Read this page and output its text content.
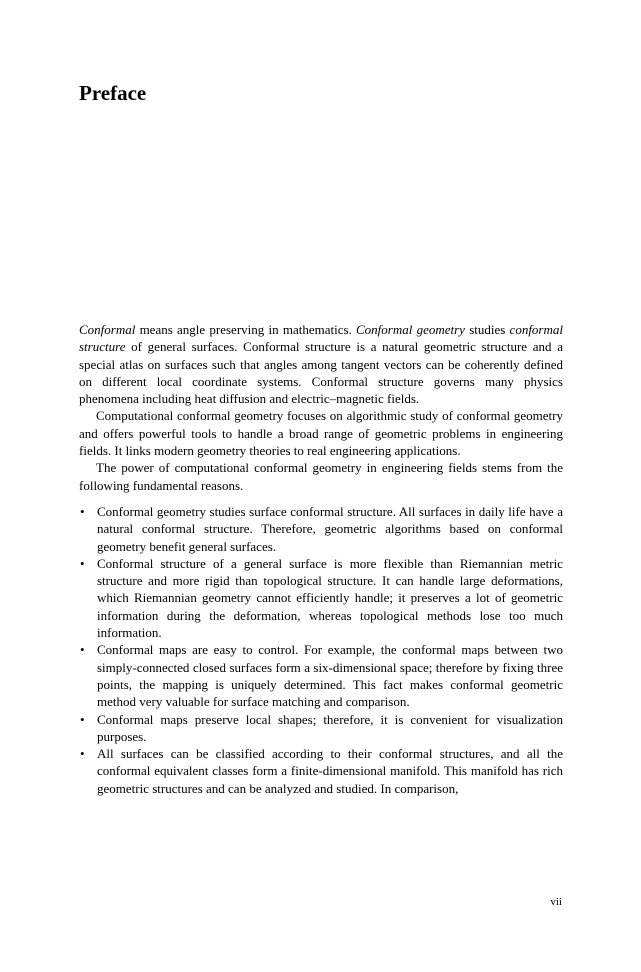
Preface

Conformal means angle preserving in mathematics. Conformal geometry studies conformal structure of general surfaces. Conformal structure is a natural geometric structure and a special atlas on surfaces such that angles among tangent vectors can be coherently defined on different local coordinate systems. Conformal structure governs many physics phenomena including heat diffusion and electric–magnetic fields.

Computational conformal geometry focuses on algorithmic study of conformal geometry and offers powerful tools to handle a broad range of geometric problems in engineering fields. It links modern geometry theories to real engineering applications.

The power of computational conformal geometry in engineering fields stems from the following fundamental reasons.

• Conformal geometry studies surface conformal structure. All surfaces in daily life have a natural conformal structure. Therefore, geometric algorithms based on conformal geometry benefit general surfaces.
• Conformal structure of a general surface is more flexible than Riemannian metric structure and more rigid than topological structure. It can handle large deformations, which Riemannian geometry cannot efficiently handle; it preserves a lot of geometric information during the deformation, whereas topological methods lose too much information.
• Conformal maps are easy to control. For example, the conformal maps between two simply-connected closed surfaces form a six-dimensional space; therefore by fixing three points, the mapping is uniquely determined. This fact makes conformal geometric method very valuable for surface matching and comparison.
• Conformal maps preserve local shapes; therefore, it is convenient for visualization purposes.
• All surfaces can be classified according to their conformal structures, and all the conformal equivalent classes form a finite-dimensional manifold. This manifold has rich geometric structures and can be analyzed and studied. In comparison,
vii
